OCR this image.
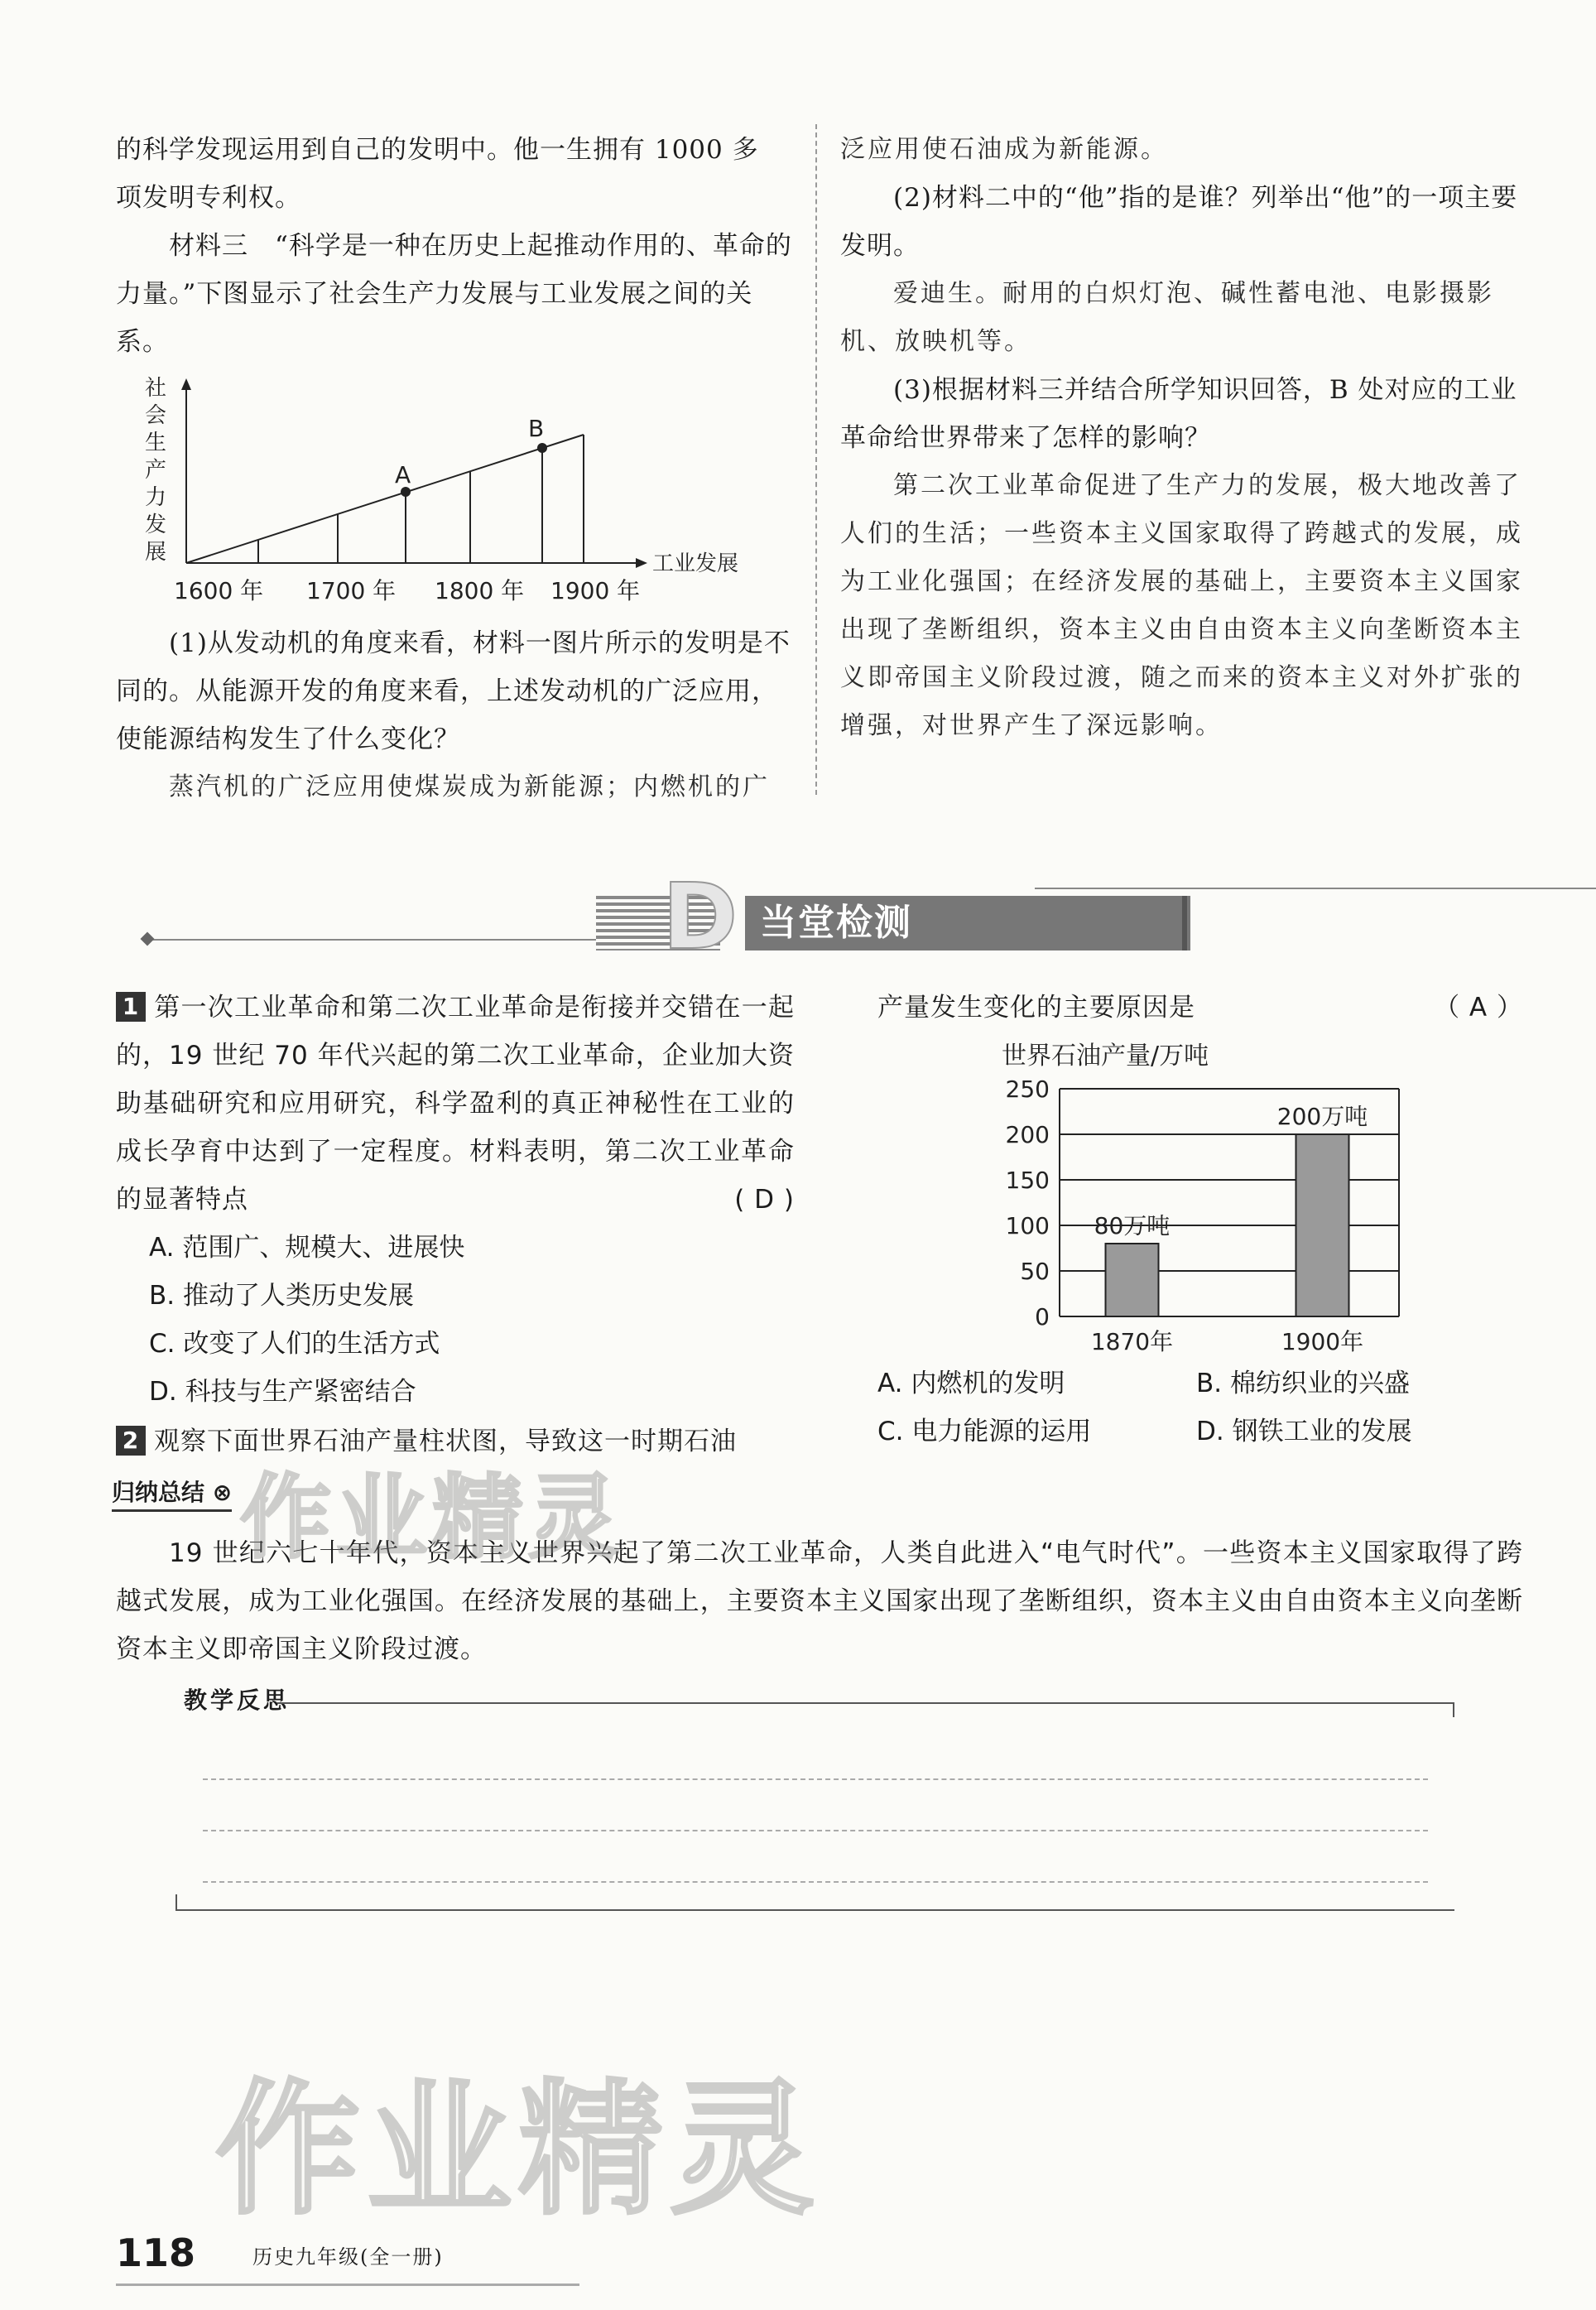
的科学发现运用到自己的发明中。他一生拥有 1000 多

项发明专利权。

材料三　“科学是一种在历史上起推动作用的、革命的力量。”下图显示了社会生产力发展与工业发展之间的关系。

社
会
生
产
力
发
展	工业发展
A
B
1600 年 1700 年 1800 年 1900 年

(1)从发动机的角度来看，材料一图片所示的发明是不同的。从能源开发的角度来看，上述发动机的广泛应用，使能源结构发生了什么变化？

蒸汽机的广泛应用使煤炭成为新能源；内燃机的广

泛应用使石油成为新能源。

(2)材料二中的“他”指的是谁？列举出“他”的一项主要发明。

爱迪生。耐用的白炽灯泡、碱性蓄电池、电影摄影机、放映机等。

(3)根据材料三并结合所学知识回答，B 处对应的工业革命给世界带来了怎样的影响？

第二次工业革命促进了生产力的发展，极大地改善了人们的生活；一些资本主义国家取得了跨越式的发展，成为工业化强国；在经济发展的基础上，主要资本主义国家出现了垄断组织，资本主义由自由资本主义向垄断资本主义即帝国主义阶段过渡，随之而来的资本主义对外扩张的增强，对世界产生了深远影响。

D 当堂检测

1 第一次工业革命和第二次工业革命是衔接并交错在一起的，19 世纪 70 年代兴起的第二次工业革命，企业加大资助基础研究和应用研究，科学盈利的真正神秘性在工业的成长孕育中达到了一定程度。材料表明，第二次工业革命的显著特点	( D )

A. 范围广、规模大、进展快
B. 推动了人类历史发展
C. 改变了人们的生活方式
D. 科技与生产紧密结合

2 观察下面世界石油产量柱状图，导致这一时期石油

产量发生变化的主要原因是	（ A ）

世界石油产量/万吨
0
50
100
150
200
250
80万吨
1870年
200万吨
1900年
A. 内燃机的发明	B. 棉纺织业的兴盛
C. 电力能源的运用	D. 钢铁工业的发展
归纳总结 ⊗

19 世纪六七十年代，资本主义世界兴起了第二次工业革命，人类自此进入“电气时代”。一些资本主义国家取得了跨越式发展，成为工业化强国。在经济发展的基础上，主要资本主义国家出现了垄断组织，资本主义由自由资本主义向垄断资本主义即帝国主义阶段过渡。

教学反思
作业精灵
作业精灵
118	历史九年级(全一册)
